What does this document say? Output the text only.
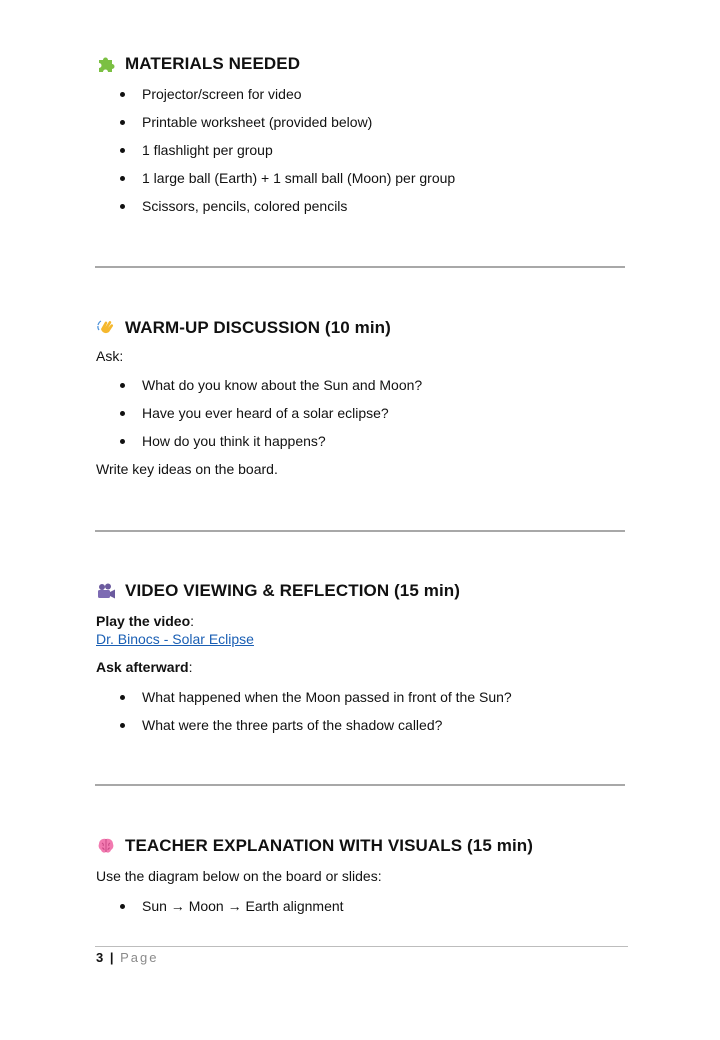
MATERIALS NEEDED
Projector/screen for video
Printable worksheet (provided below)
1 flashlight per group
1 large ball (Earth) + 1 small ball (Moon) per group
Scissors, pencils, colored pencils
WARM-UP DISCUSSION (10 min)
Ask:
What do you know about the Sun and Moon?
Have you ever heard of a solar eclipse?
How do you think it happens?
Write key ideas on the board.
VIDEO VIEWING & REFLECTION (15 min)
Play the video:
Dr. Binocs - Solar Eclipse
Ask afterward:
What happened when the Moon passed in front of the Sun?
What were the three parts of the shadow called?
TEACHER EXPLANATION WITH VISUALS (15 min)
Use the diagram below on the board or slides:
Sun → Moon → Earth alignment
3 | Page
